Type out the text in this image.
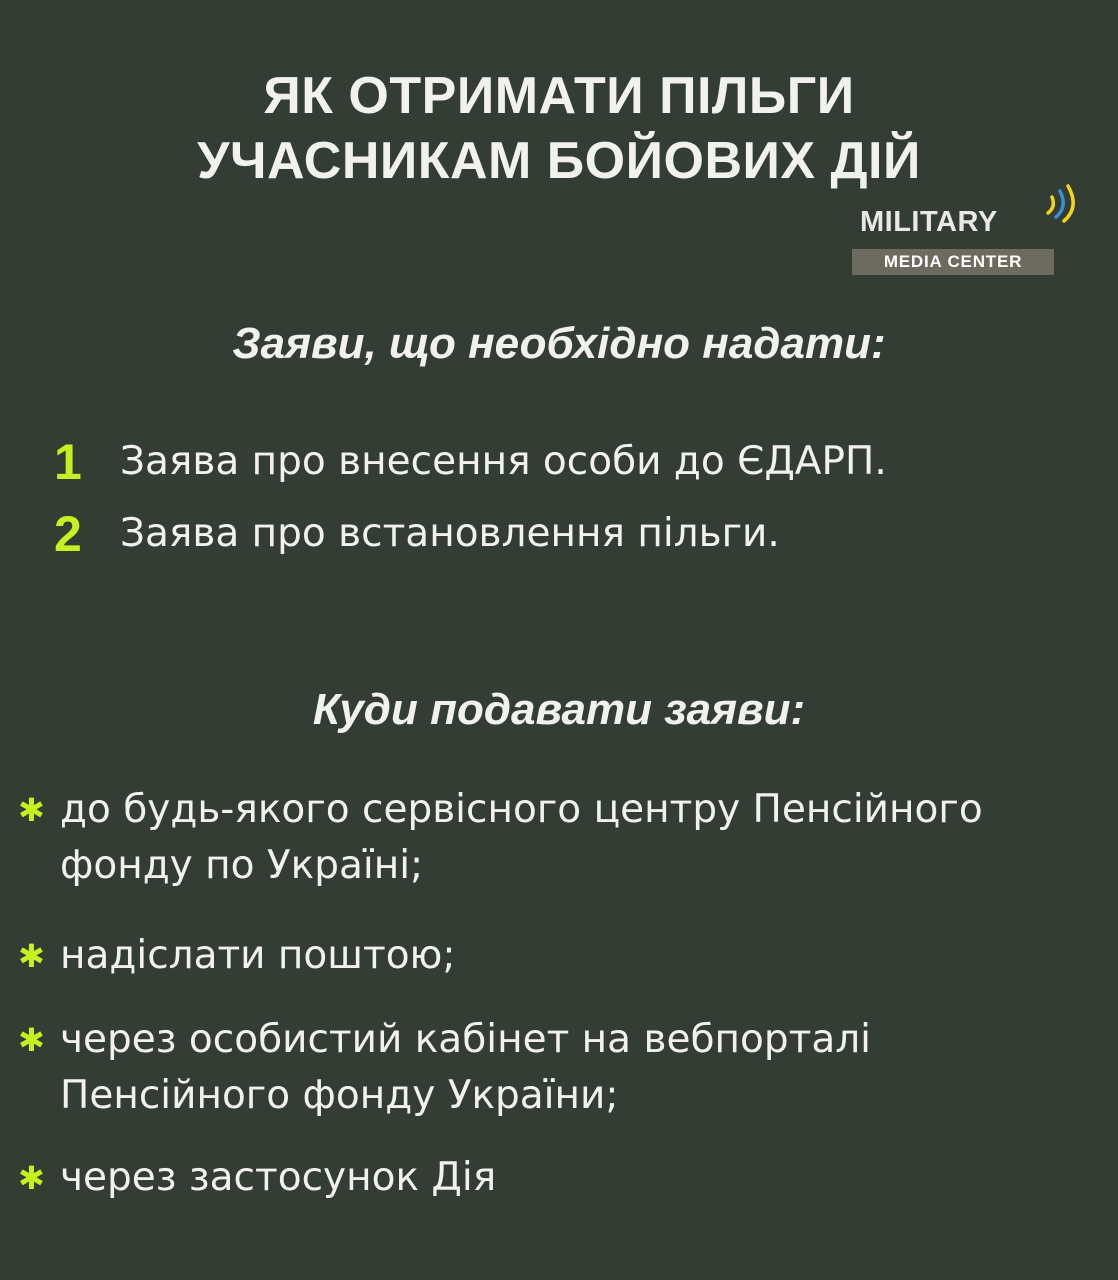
ЯК ОТРИМАТИ ПІЛЬГИ
УЧАСНИКАМ БОЙОВИХ ДІЙ
MILITARY
MEDIA CENTER
Заяви, що необхідно надати:
1 Заява про внесення особи до ЄДАРП.
2 Заява про встановлення пільги.
Куди подавати заяви:
✱ до будь-якого сервісного центру Пенсійного фонду по Україні;
✱ надіслати поштою;
✱ через особистий кабінет на вебпорталі Пенсійного фонду України;
✱ через застосунок Дія
